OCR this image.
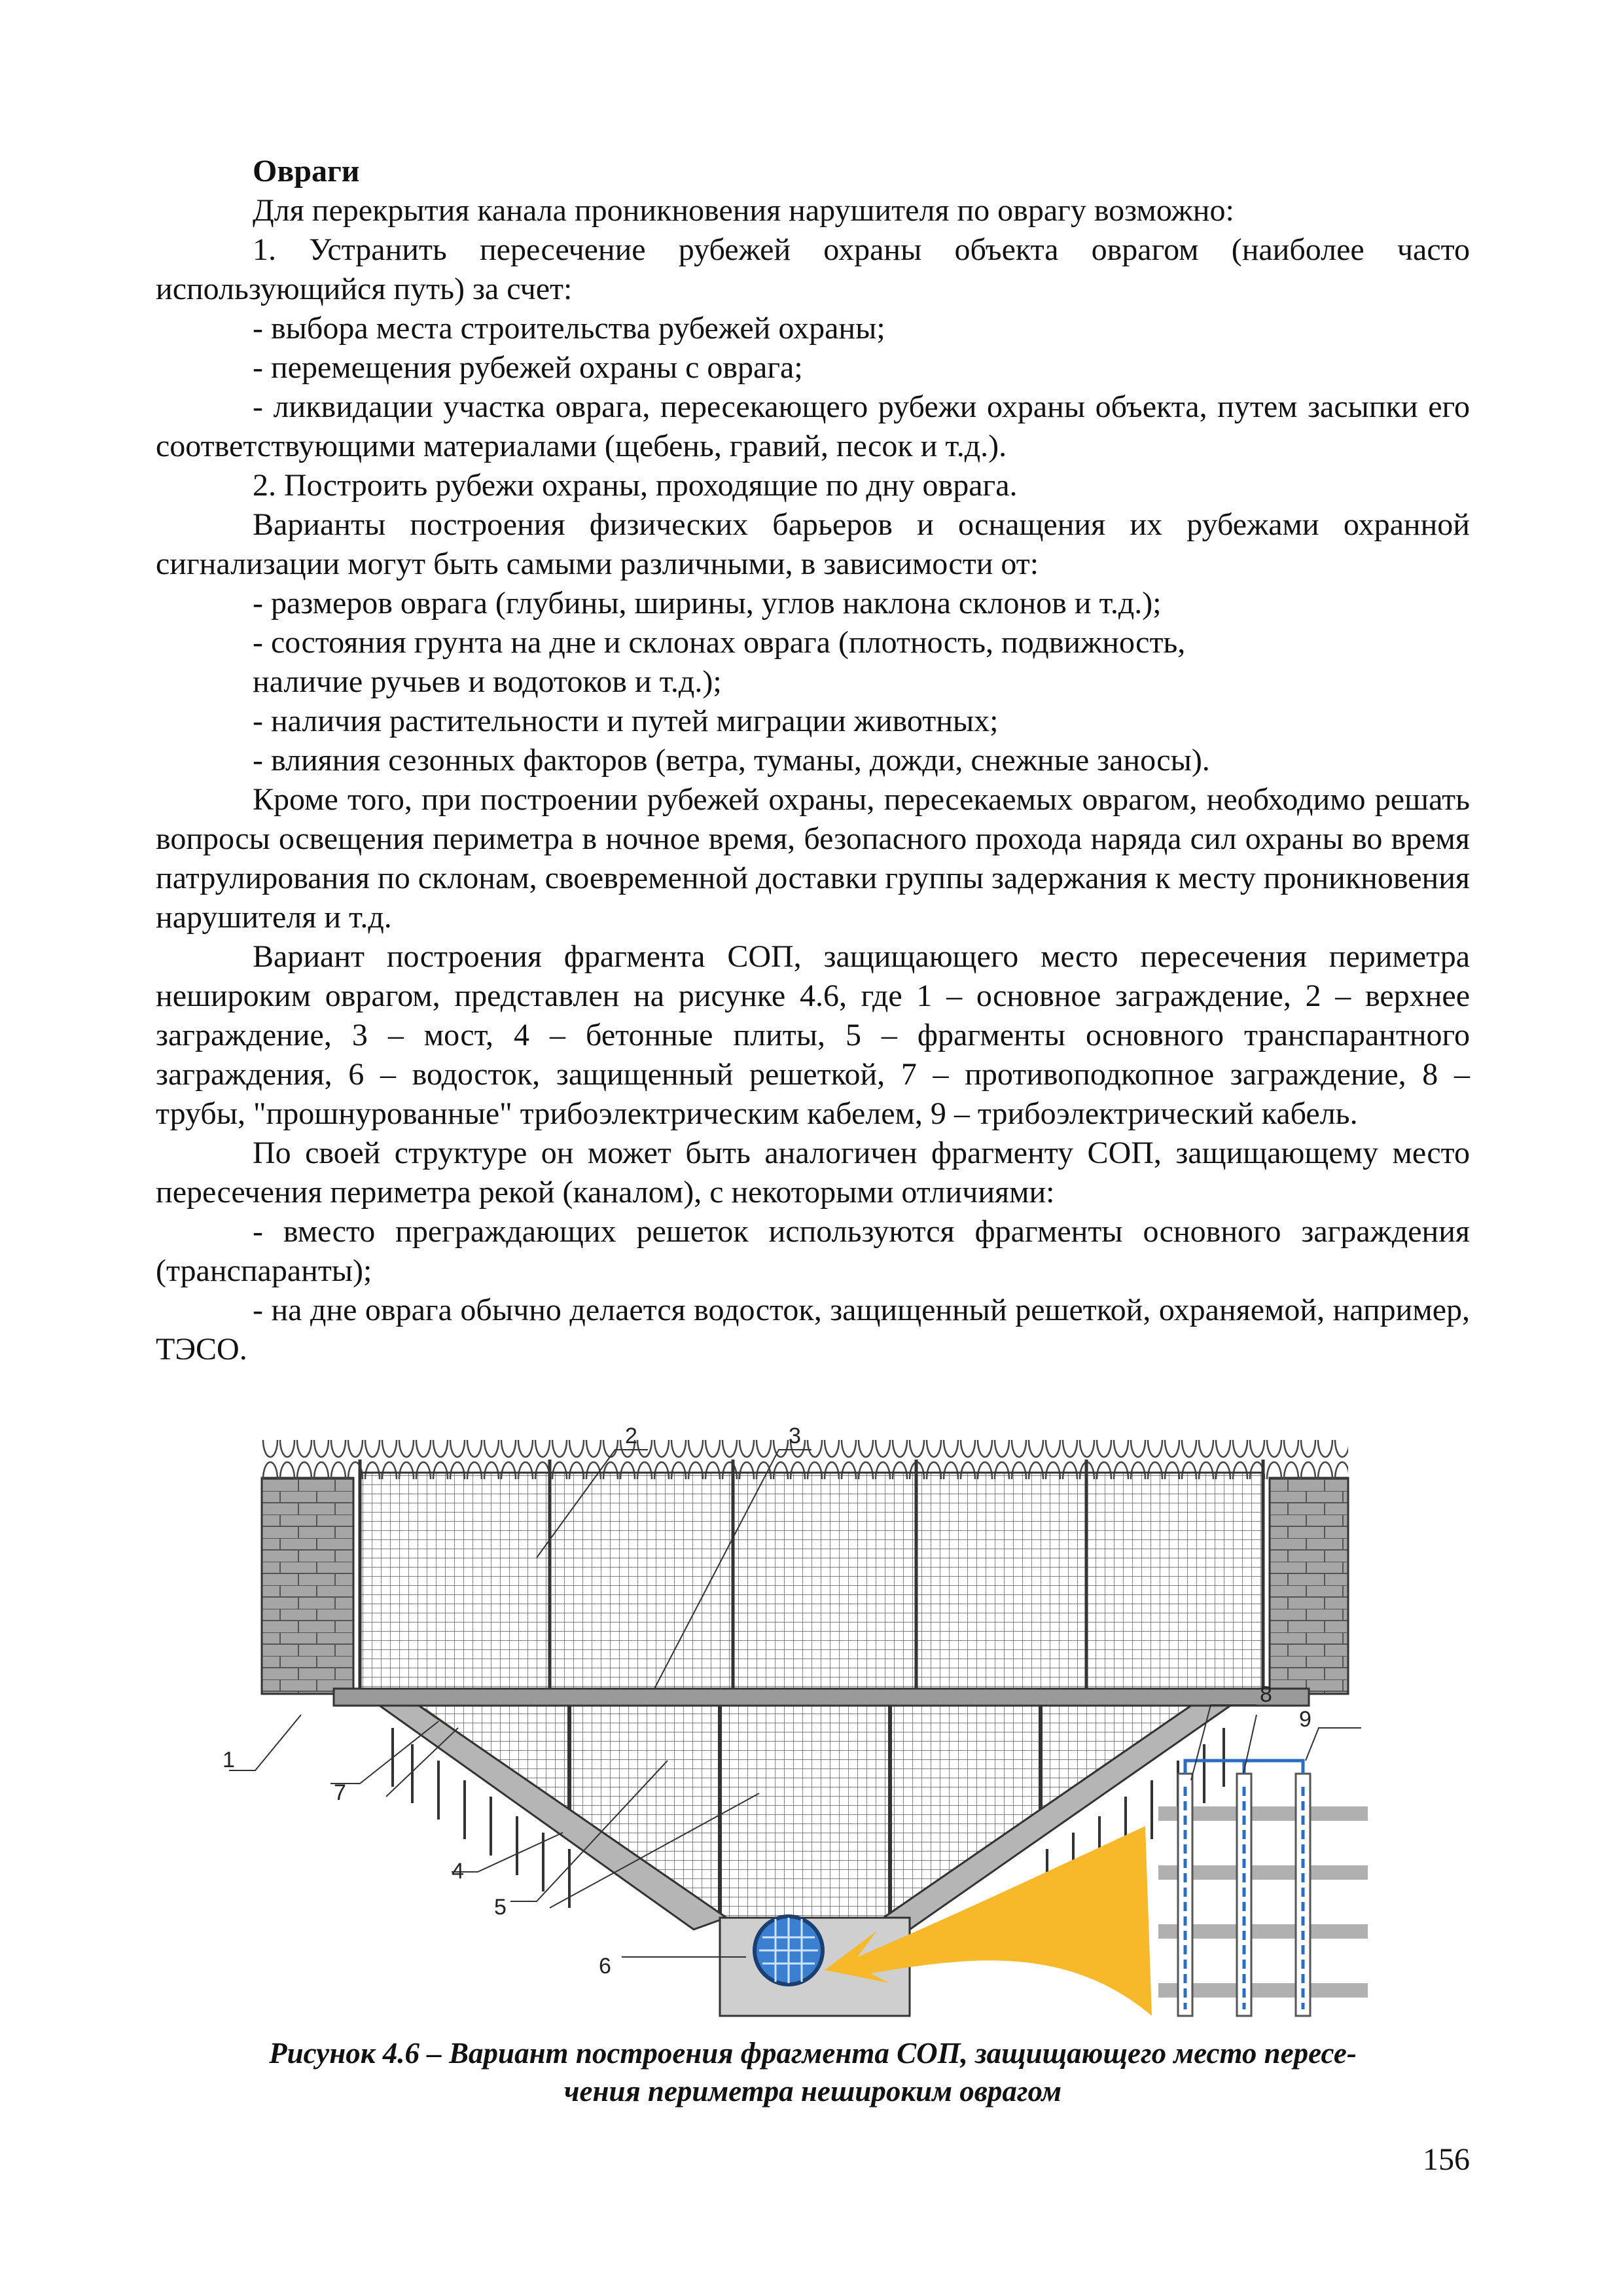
Овраги

Для перекрытия канала проникновения нарушителя по оврагу возможно:

1. Устранить пересечение рубежей охраны объекта оврагом (наиболее часто использующийся путь) за счет:

- выбора места строительства рубежей охраны;

- перемещения рубежей охраны с оврага;

- ликвидации участка оврага, пересекающего рубежи охраны объекта, путем засыпки его соответствующими материалами (щебень, гравий, песок и т.д.).

2. Построить рубежи охраны, проходящие по дну оврага.

Варианты построения физических барьеров и оснащения их рубежами охранной сигнализации могут быть самыми различными, в зависимости от:

- размеров оврага (глубины, ширины, углов наклона склонов и т.д.);

- состояния грунта на дне и склонах оврага (плотность, подвижность,

наличие ручьев и водотоков и т.д.);

- наличия растительности и путей миграции животных;

- влияния сезонных факторов (ветра, туманы, дожди, снежные заносы).

Кроме того, при построении рубежей охраны, пересекаемых оврагом, необходимо решать вопросы освещения периметра в ночное время, безопасного прохода наряда сил охраны во время патрулирования по склонам, своевременной доставки группы задержания к месту проникновения нарушителя и т.д.

Вариант построения фрагмента СОП, защищающего место пересечения периметра нешироким оврагом, представлен на рисунке 4.6, где 1 – основное заграждение, 2 – верхнее заграждение, 3 – мост, 4 – бетонные плиты, 5 – фрагменты основного транспарантного заграждения, 6 – водосток, защищенный решеткой, 7 – противоподкопное заграждение, 8 – трубы, "прошнурованные" трибоэлектрическим кабелем, 9 – трибоэлектрический кабель.

По своей структуре он может быть аналогичен фрагменту СОП, защищающему место пересечения периметра рекой (каналом), с некоторыми отличиями:

- вместо преграждающих решеток используются фрагменты основного заграждения (транспаранты);

- на дне оврага обычно делается водосток, защищенный решеткой, охраняемой, например, ТЭСО.

1
2	3
4
5
6
7
8
9
Рисунок 4.6 – Вариант построения фрагмента СОП, защищающего место пересе-
чения периметра нешироким оврагом
156
